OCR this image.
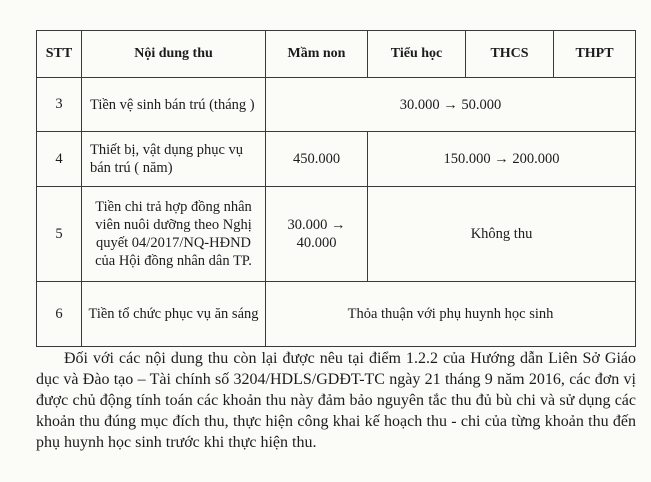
STT	Nội dung thu	Mầm non	Tiểu học	THCS	THPT
3	Tiền vệ sinh bán trú (tháng )	30.000 → 50.000			
4	Thiết bị, vật dụng phục vụ bán trú ( năm)	450.000	150.000 → 200.000		
5	Tiền chi trả hợp đồng nhân viên nuôi dưỡng theo Nghị quyết 04/2017/NQ-HĐND của Hội đồng nhân dân TP.	30.000 → 40.000	Không thu		
6	Tiền tổ chức phục vụ ăn sáng	Thỏa thuận với phụ huynh học sinh			

Đối với các nội dung thu còn lại được nêu tại điểm 1.2.2 của Hướng dẫn Liên Sở Giáo dục và Đào tạo – Tài chính số 3204/HDLS/GDĐT-TC ngày 21 tháng 9 năm 2016, các đơn vị được chủ động tính toán các khoản thu này đảm bảo nguyên tắc thu đủ bù chi và sử dụng các khoản thu đúng mục đích thu, thực hiện công khai kế hoạch thu - chi của từng khoản thu đến phụ huynh học sinh trước khi thực hiện thu.
